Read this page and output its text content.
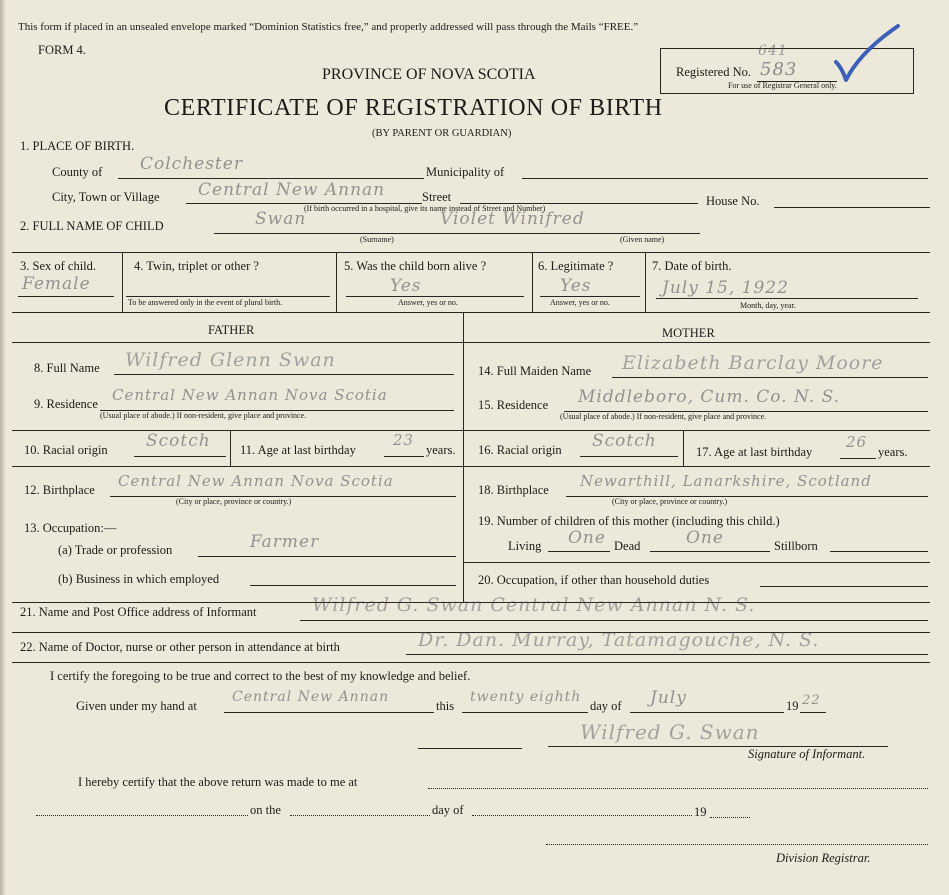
This form if placed in an unsealed envelope marked “Dominion Statistics free,” and properly addressed will pass through the Mails “FREE.”
FORM 4.
PROVINCE OF NOVA SCOTIA
CERTIFICATE OF REGISTRATION OF BIRTH
(BY PARENT OR GUARDIAN)
Registered No. 583
641
For use of Registrar General only.
1. PLACE OF BIRTH.
County of Colchester	Municipality of
City, Town or Village Central New Annan	Street
(If birth occurred in a hospital, give its name instead of Street and Number)
House No.
2. FULL NAME OF CHILD	Swan	Violet Winifred
(Surname)	(Given name)
3. Sex of child.
Female
4. Twin, triplet or other ?
To be answered only in the event of plural birth.
5. Was the child born alive ?
Yes
Answer, yes or no.
6. Legitimate ?
Yes
Answer, yes or no.
7. Date of birth.
July 15, 1922
Month, day, year.
FATHER
8. Full Name Wilfred Glenn Swan
9. Residence Central New Annan Nova Scotia
(Usual place of abode.) If non-resident, give place and province.
10. Racial origin Scotch 11. Age at last birthday
23
years.
12. Birthplace Central New Annan Nova Scotia
(City or place, province or country.)
13. Occupation:—
(a) Trade or profession	Farmer
(b) Business in which employed
MOTHER
14. Full Maiden Name Elizabeth Barclay Moore
15. Residence Middleboro, Cum. Co. N. S.
(Usual place of abode.) If non-resident, give place and province.
16. Racial origin Scotch
17. Age at last birthday
26
years.
18. Birthplace Newarthill, Lanarkshire, Scotland
(City or place, province or country.)
19. Number of children of this mother (including this child.)
Living One Dead	One	Stillborn
20. Occupation, if other than household duties
21. Name and Post Office address of Informant	Wilfred G. Swan Central New Annan N. S.
22. Name of Doctor, nurse or other person in attendance at birth	Dr. Dan. Murray, Tatamagouche, N. S.
I certify the foregoing to be true and correct to the best of my knowledge and belief.
Given under my hand at
Central New Annan
this
twenty eighth
day of July	19 22
Wilfred G. Swan
Signature of Informant.
I hereby certify that the above return was made to me at
on the	day of	19
Division Registrar.
